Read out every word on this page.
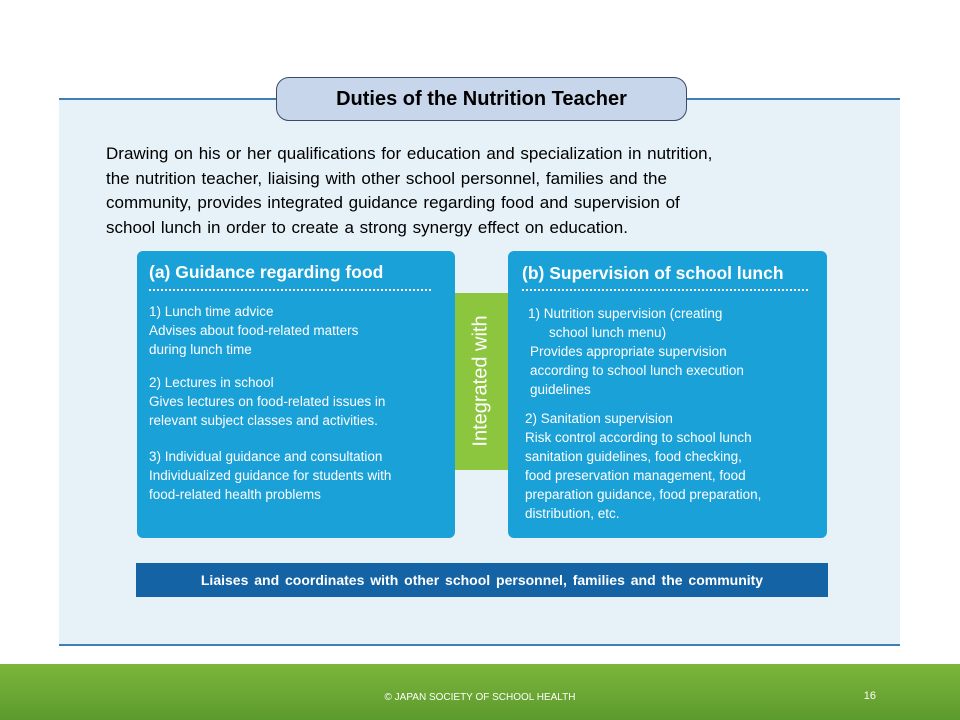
Duties of the Nutrition Teacher
Drawing on his or her qualifications for education and specialization in nutrition,
the nutrition teacher, liaising with other school personnel, families and the
community, provides integrated guidance regarding food and supervision of
school lunch in order to create a strong synergy effect on education.
(a) Guidance regarding food
1) Lunch time advice
Advises about food-related matters
during lunch time
2) Lectures in school
Gives lectures on food-related issues in
relevant subject classes and activities.
3) Individual guidance and consultation
Individualized guidance for students with
food-related health problems
Integrated with
(b) Supervision of school lunch
1) Nutrition supervision (creating
school lunch menu)
Provides appropriate supervision
according to school lunch execution
guidelines
2) Sanitation supervision
Risk control according to school lunch
sanitation guidelines, food checking,
food preservation management, food
preparation guidance, food preparation,
distribution, etc.
Liaises and coordinates with other school personnel, families and the community
© JAPAN SOCIETY OF SCHOOL HEALTH	16
